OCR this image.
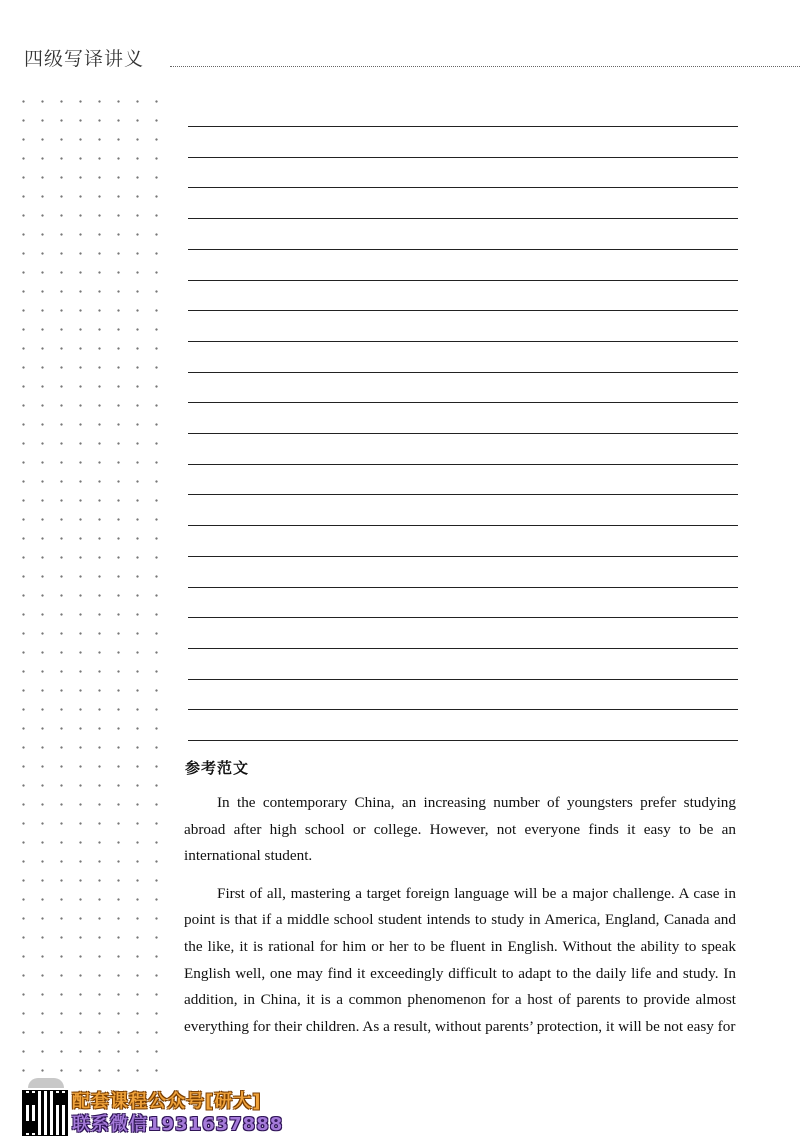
四级写译讲义
参考范文

In the contemporary China, an increasing number of youngsters prefer studying abroad after high school or college. However, not everyone finds it easy to be an international student.

First of all, mastering a target foreign language will be a major challenge. A case in point is that if a middle school student intends to study in America, England, Canada and the like, it is rational for him or her to be fluent in English. Without the ability to speak English well, one may find it exceedingly difficult to adapt to the daily life and study. In addition, in China, it is a common phenomenon for a host of parents to provide almost everything for their children. As a result, without parents’ protection, it will be not easy for

配套课程公众号[研大]
联系微信1931637888
